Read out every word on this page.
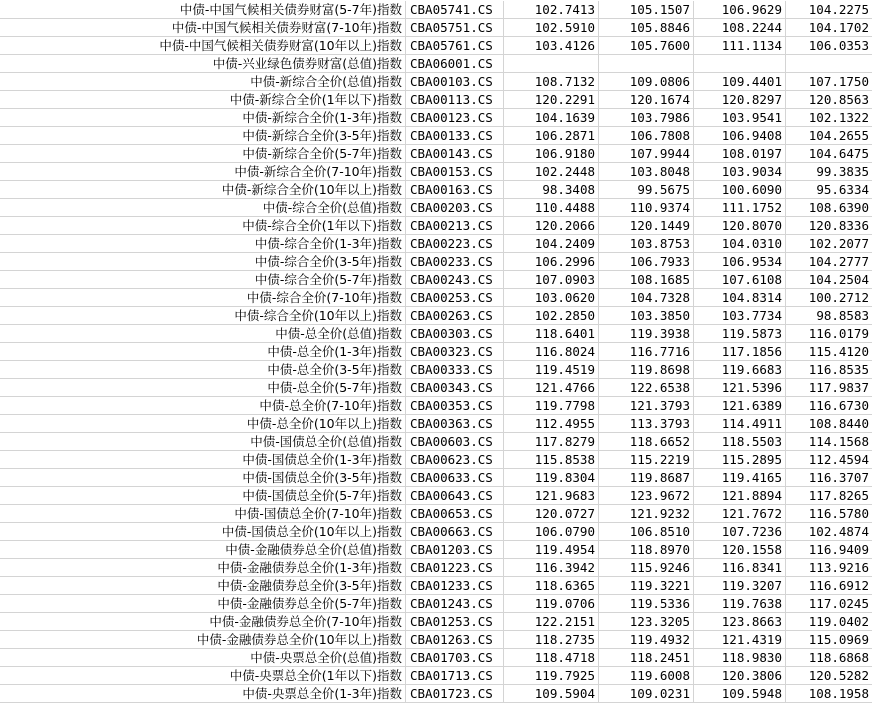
中债-中国气候相关债券财富(5-7年)指数 CBA05741.CS	102.7413	105.1507	106.9629	104.2275
中债-中国气候相关债券财富(7-10年)指数 CBA05751.CS	102.5910	105.8846	108.2244	104.1702
中债-中国气候相关债券财富(10年以上)指数 CBA05761.CS	103.4126	105.7600	111.1134	106.0353
中债-兴业绿色债券财富(总值)指数 CBA06001.CS
中债-新综合全价(总值)指数 CBA00103.CS	108.7132	109.0806	109.4401	107.1750
中债-新综合全价(1年以下)指数 CBA00113.CS	120.2291	120.1674	120.8297	120.8563
中债-新综合全价(1-3年)指数 CBA00123.CS	104.1639	103.7986	103.9541	102.1322
中债-新综合全价(3-5年)指数 CBA00133.CS	106.2871	106.7808	106.9408	104.2655
中债-新综合全价(5-7年)指数 CBA00143.CS	106.9180	107.9944	108.0197	104.6475
中债-新综合全价(7-10年)指数 CBA00153.CS	102.2448	103.8048	103.9034	99.3835
中债-新综合全价(10年以上)指数 CBA00163.CS	98.3408	99.5675	100.6090	95.6334
中债-综合全价(总值)指数 CBA00203.CS	110.4488	110.9374	111.1752	108.6390
中债-综合全价(1年以下)指数 CBA00213.CS	120.2066	120.1449	120.8070	120.8336
中债-综合全价(1-3年)指数 CBA00223.CS	104.2409	103.8753	104.0310	102.2077
中债-综合全价(3-5年)指数 CBA00233.CS	106.2996	106.7933	106.9534	104.2777
中债-综合全价(5-7年)指数 CBA00243.CS	107.0903	108.1685	107.6108	104.2504
中债-综合全价(7-10年)指数 CBA00253.CS	103.0620	104.7328	104.8314	100.2712
中债-综合全价(10年以上)指数 CBA00263.CS	102.2850	103.3850	103.7734	98.8583
中债-总全价(总值)指数 CBA00303.CS	118.6401	119.3938	119.5873	116.0179
中债-总全价(1-3年)指数 CBA00323.CS	116.8024	116.7716	117.1856	115.4120
中债-总全价(3-5年)指数 CBA00333.CS	119.4519	119.8698	119.6683	116.8535
中债-总全价(5-7年)指数 CBA00343.CS	121.4766	122.6538	121.5396	117.9837
中债-总全价(7-10年)指数 CBA00353.CS	119.7798	121.3793	121.6389	116.6730
中债-总全价(10年以上)指数 CBA00363.CS	112.4955	113.3793	114.4911	108.8440
中债-国债总全价(总值)指数 CBA00603.CS	117.8279	118.6652	118.5503	114.1568
中债-国债总全价(1-3年)指数 CBA00623.CS	115.8538	115.2219	115.2895	112.4594
中债-国债总全价(3-5年)指数 CBA00633.CS	119.8304	119.8687	119.4165	116.3707
中债-国债总全价(5-7年)指数 CBA00643.CS	121.9683	123.9672	121.8894	117.8265
中债-国债总全价(7-10年)指数 CBA00653.CS	120.0727	121.9232	121.7672	116.5780
中债-国债总全价(10年以上)指数 CBA00663.CS	106.0790	106.8510	107.7236	102.4874
中债-金融债券总全价(总值)指数 CBA01203.CS	119.4954	118.8970	120.1558	116.9409
中债-金融债券总全价(1-3年)指数 CBA01223.CS	116.3942	115.9246	116.8341	113.9216
中债-金融债券总全价(3-5年)指数 CBA01233.CS	118.6365	119.3221	119.3207	116.6912
中债-金融债券总全价(5-7年)指数 CBA01243.CS	119.0706	119.5336	119.7638	117.0245
中债-金融债券总全价(7-10年)指数 CBA01253.CS	122.2151	123.3205	123.8663	119.0402
中债-金融债券总全价(10年以上)指数 CBA01263.CS	118.2735	119.4932	121.4319	115.0969
中债-央票总全价(总值)指数 CBA01703.CS	118.4718	118.2451	118.9830	118.6868
中债-央票总全价(1年以下)指数 CBA01713.CS	119.7925	119.6008	120.3806	120.5282
中债-央票总全价(1-3年)指数 CBA01723.CS	109.5904	109.0231	109.5948	108.1958
